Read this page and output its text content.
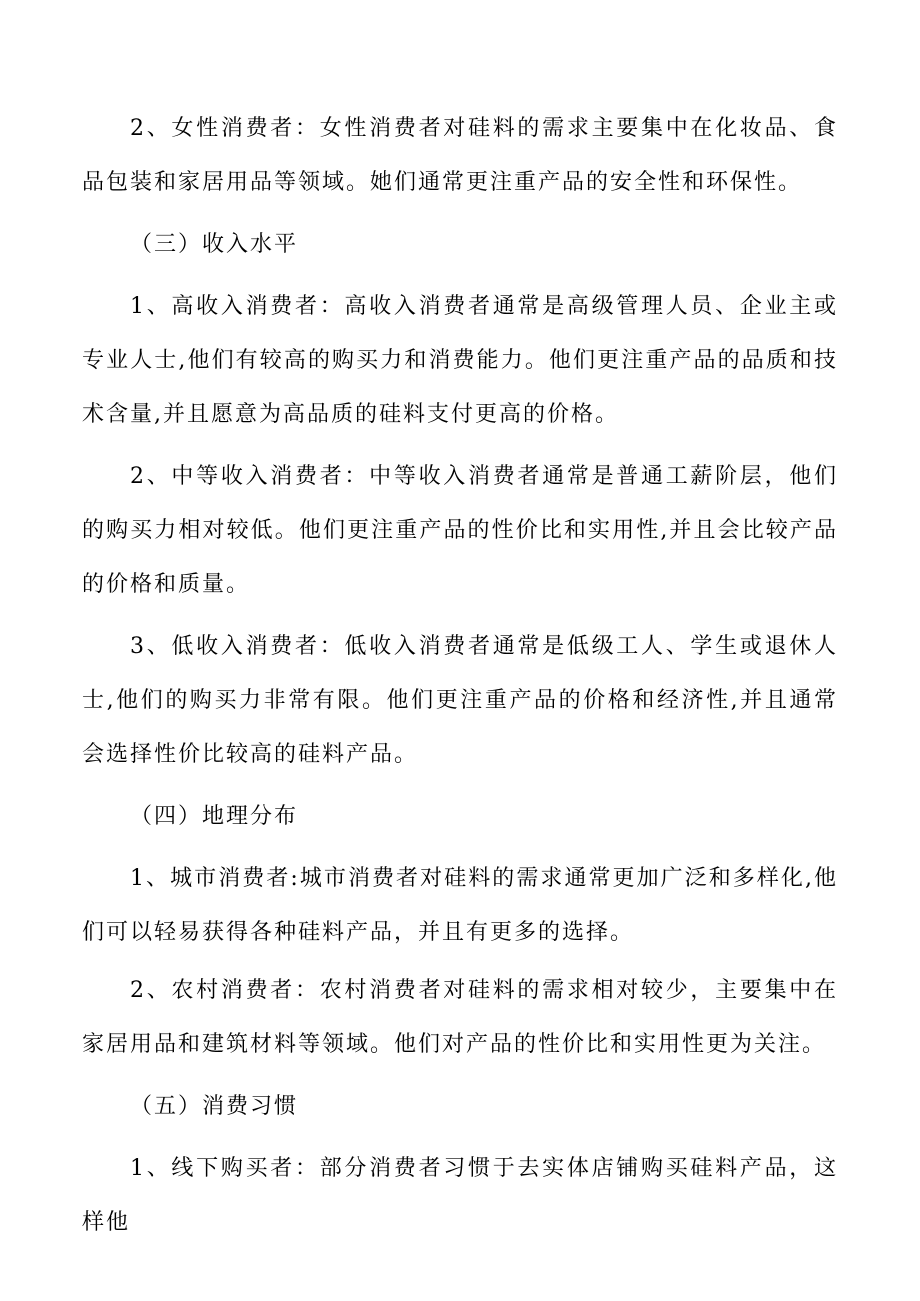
2、女性消费者：女性消费者对硅料的需求主要集中在化妆品、食品包装和家居用品等领域。她们通常更注重产品的安全性和环保性。

（三）收入水平

1、高收入消费者：高收入消费者通常是高级管理人员、企业主或专业人士,他们有较高的购买力和消费能力。他们更注重产品的品质和技术含量,并且愿意为高品质的硅料支付更高的价格。

2、中等收入消费者：中等收入消费者通常是普通工薪阶层，他们的购买力相对较低。他们更注重产品的性价比和实用性,并且会比较产品的价格和质量。

3、低收入消费者：低收入消费者通常是低级工人、学生或退休人士,他们的购买力非常有限。他们更注重产品的价格和经济性,并且通常会选择性价比较高的硅料产品。

（四）地理分布

1、城市消费者:城市消费者对硅料的需求通常更加广泛和多样化,他们可以轻易获得各种硅料产品，并且有更多的选择。

2、农村消费者：农村消费者对硅料的需求相对较少，主要集中在家居用品和建筑材料等领域。他们对产品的性价比和实用性更为关注。

（五）消费习惯

1、线下购买者：部分消费者习惯于去实体店铺购买硅料产品，这样他
